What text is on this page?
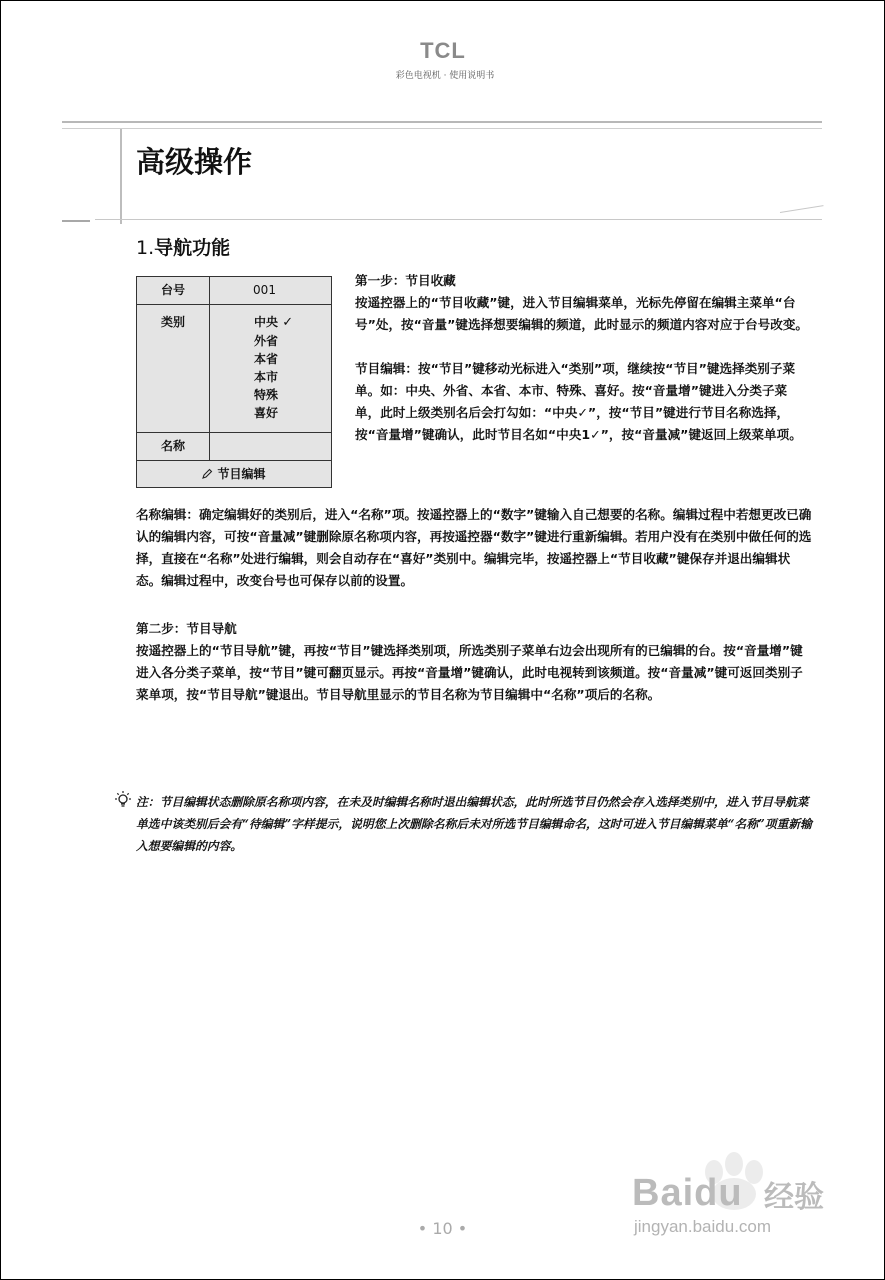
TCL
彩色电视机 · 使用说明书
高级操作
1.导航功能
台号	001
类别	中央 ✓
外省
本省
本市
特殊
喜好
名称
节目编辑
第一步：节目收藏

按遥控器上的“节目收藏”键，进入节目编辑菜单，光标先停留在编辑主菜单“台号”处，按“音量”键选择想要编辑的频道，此时显示的频道内容对应于台号改变。

节目编辑：按“节目”键移动光标进入“类别”项，继续按“节目”键选择类别子菜单。如：中央、外省、本省、本市、特殊、喜好。按“音量增”键进入分类子菜单，此时上级类别名后会打勾如：“中央✓”，按“节目”键进行节目名称选择，按“音量增”键确认，此时节目名如“中央1✓”，按“音量减”键返回上级菜单项。

名称编辑：确定编辑好的类别后，进入“名称”项。按遥控器上的“数字”键输入自己想要的名称。编辑过程中若想更改已确认的编辑内容，可按“音量减”键删除原名称项内容，再按遥控器“数字”键进行重新编辑。若用户没有在类别中做任何的选择，直接在“名称”处进行编辑，则会自动存在“喜好”类别中。编辑完毕，按遥控器上“节目收藏”键保存并退出编辑状态。编辑过程中，改变台号也可保存以前的设置。

第二步：节目导航

按遥控器上的“节目导航”键，再按“节目”键选择类别项，所选类别子菜单右边会出现所有的已编辑的台。按“音量增”键进入各分类子菜单，按“节目”键可翻页显示。再按“音量增”键确认，此时电视转到该频道。按“音量减”键可返回类别子菜单项，按“节目导航”键退出。节目导航里显示的节目名称为节目编辑中“名称”项后的名称。

注：节目编辑状态删除原名称项内容，在未及时编辑名称时退出编辑状态，此时所选节目仍然会存入选择类别中，进入节目导航菜单选中该类别后会有“待编辑”字样提示，说明您上次删除名称后未对所选节目编辑命名，这时可进入节目编辑菜单“名称”项重新输入想要编辑的内容。

Baidu 经验
jingyan.baidu.com
• 10 •
